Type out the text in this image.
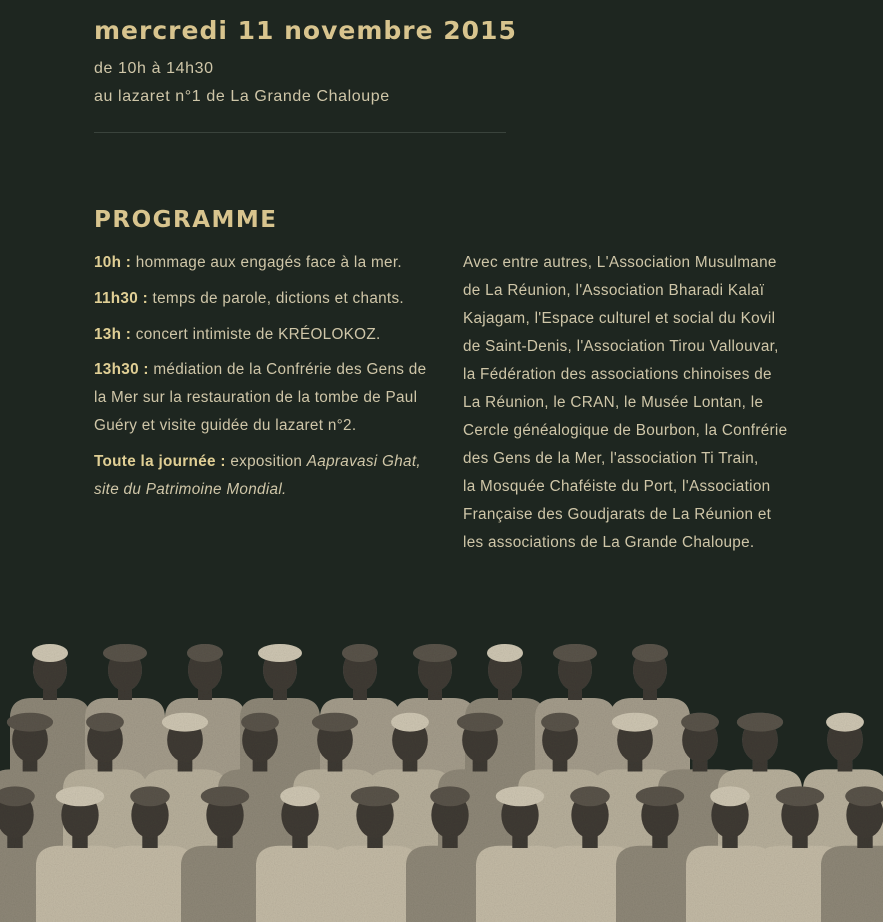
mercredi 11 novembre 2015
de 10h à 14h30
au lazaret n°1 de La Grande Chaloupe
PROGRAMME

10h : hommage aux engagés face à la mer.

11h30 : temps de parole, dictions et chants.

13h : concert intimiste de KRÉOLOKOZ.

13h30 : médiation de la Confrérie des Gens de la Mer sur la restauration de la tombe de Paul Guéry et visite guidée du lazaret n°2.

Toute la journée : exposition Aapravasi Ghat, site du Patrimoine Mondial.

Avec entre autres, L'Association Musulmane
de La Réunion, l'Association Bharadi Kalaï
Kajagam, l'Espace culturel et social du Kovil
de Saint-Denis, l'Association Tirou Vallouvar,
la Fédération des associations chinoises de
La Réunion, le CRAN, le Musée Lontan, le
Cercle généalogique de Bourbon, la Confrérie
des Gens de la Mer, l'association Ti Train,
la Mosquée Chaféiste du Port, l'Association
Française des Goudjarats de La Réunion et
les associations de La Grande Chaloupe.
